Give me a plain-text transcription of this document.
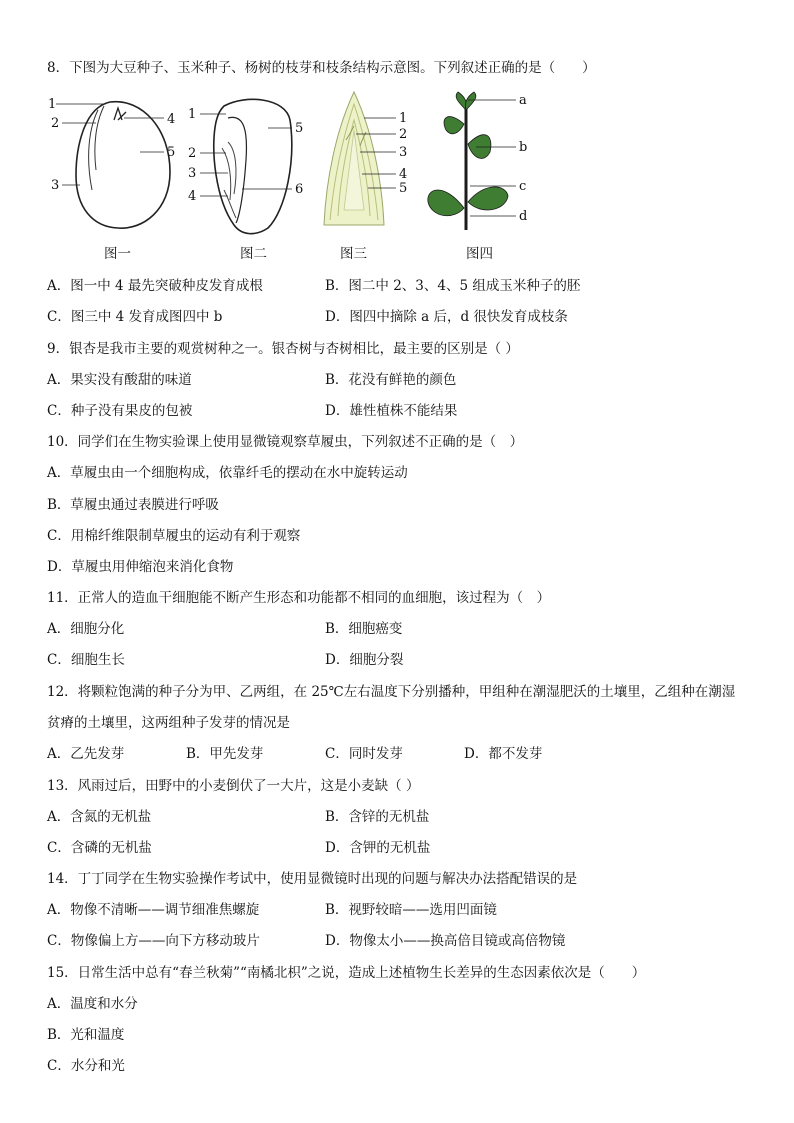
8．下图为大豆种子、玉米种子、杨树的枝芽和枝条结构示意图。下列叙述正确的是（　　）
1
2
3
4
5
图一
1
2
3
4
5
6
图二
1
2
3
4
5
图三
a
b
c
d
图四
A．图一中 4 最先突破种皮发育成根	B．图二中 2、3、4、5 组成玉米种子的胚
C．图三中 4 发育成图四中 b	D．图四中摘除 a 后，d 很快发育成枝条
9．银杏是我市主要的观赏树种之一。银杏树与杏树相比，最主要的区别是（ ）
A．果实没有酸甜的味道	B．花没有鲜艳的颜色
C．种子没有果皮的包被	D．雄性植株不能结果
10．同学们在生物实验课上使用显微镜观察草履虫，下列叙述不正确的是（　）
A．草履虫由一个细胞构成，依靠纤毛的摆动在水中旋转运动
B．草履虫通过表膜进行呼吸
C．用棉纤维限制草履虫的运动有利于观察
D．草履虫用伸缩泡来消化食物
11．正常人的造血干细胞能不断产生形态和功能都不相同的血细胞，该过程为（　）
A．细胞分化	B．细胞癌变
C．细胞生长	D．细胞分裂
12．将颗粒饱满的种子分为甲、乙两组，在 25℃左右温度下分别播种，甲组种在潮湿肥沃的土壤里，乙组种在潮湿
贫瘠的土壤里，这两组种子发芽的情况是
A．乙先发芽	B．甲先发芽	C．同时发芽	D．都不发芽
13．风雨过后，田野中的小麦倒伏了一大片，这是小麦缺（ ）
A．含氮的无机盐	B．含锌的无机盐
C．含磷的无机盐	D．含钾的无机盐
14．丁丁同学在生物实验操作考试中，使用显微镜时出现的问题与解决办法搭配错误的是
A．物像不清晰——调节细准焦螺旋	B．视野较暗——选用凹面镜
C．物像偏上方——向下方移动玻片	D．物像太小——换高倍目镜或高倍物镜
15．日常生活中总有“春兰秋菊”“南橘北枳”之说，造成上述植物生长差异的生态因素依次是（　　）
A．温度和水分
B．光和温度
C．水分和光
